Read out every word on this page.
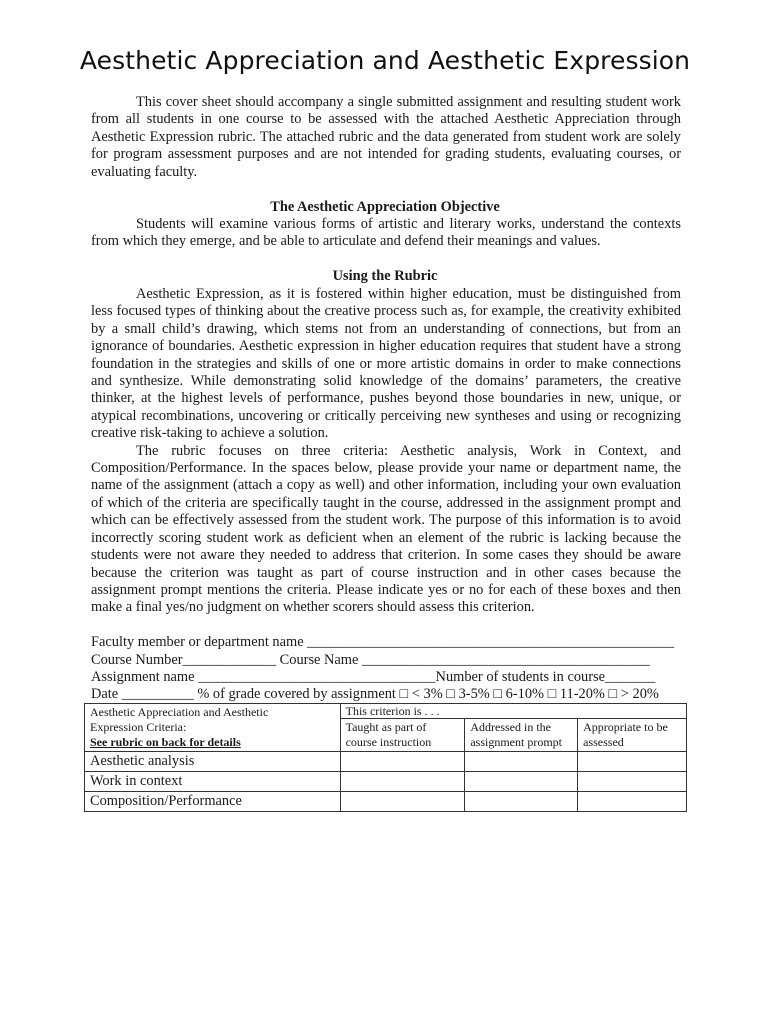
Aesthetic Appreciation and Aesthetic Expression

This cover sheet should accompany a single submitted assignment and resulting student work from all students in one course to be assessed with the attached Aesthetic Appreciation through Aesthetic Expression rubric. The attached rubric and the data generated from student work are solely for program assessment purposes and are not intended for grading students, evaluating courses, or evaluating faculty.

The Aesthetic Appreciation Objective

Students will examine various forms of artistic and literary works, understand the contexts from which they emerge, and be able to articulate and defend their meanings and values.

Using the Rubric

Aesthetic Expression, as it is fostered within higher education, must be distinguished from less focused types of thinking about the creative process such as, for example, the creativity exhibited by a small child’s drawing, which stems not from an understanding of connections, but from an ignorance of boundaries. Aesthetic expression in higher education requires that student have a strong foundation in the strategies and skills of one or more artistic domains in order to make connections and synthesize. While demonstrating solid knowledge of the domains’ parameters, the creative thinker, at the highest levels of performance, pushes beyond those boundaries in new, unique, or atypical recombinations, uncovering or critically perceiving new syntheses and using or recognizing creative risk-taking to achieve a solution.

The rubric focuses on three criteria: Aesthetic analysis, Work in Context, and Composition/Performance. In the spaces below, please provide your name or department name, the name of the assignment (attach a copy as well) and other information, including your own evaluation of which of the criteria are specifically taught in the course, addressed in the assignment prompt and which can be effectively assessed from the student work. The purpose of this information is to avoid incorrectly scoring student work as deficient when an element of the rubric is lacking because the students were not aware they needed to address that criterion. In some cases they should be aware because the criterion was taught as part of course instruction and in other cases because the assignment prompt mentions the criteria. Please indicate yes or no for each of these boxes and then make a final yes/no judgment on whether scorers should assess this criterion.

Faculty member or department name ___________________________________________________
Course Number_____________ Course Name ________________________________________
Assignment name _________________________________Number of students in course_______
Date __________ % of grade covered by assignment □ < 3% □ 3-5% □ 6-10% □ 11-20% □ > 20%
Aesthetic Appreciation and Aesthetic
Expression Criteria:
See rubric on back for details	This criterion is . . .		
	Taught as part of course instruction	Addressed in the assignment prompt	Appropriate to be assessed
Aesthetic analysis			
Work in context			
Composition/Performance			
